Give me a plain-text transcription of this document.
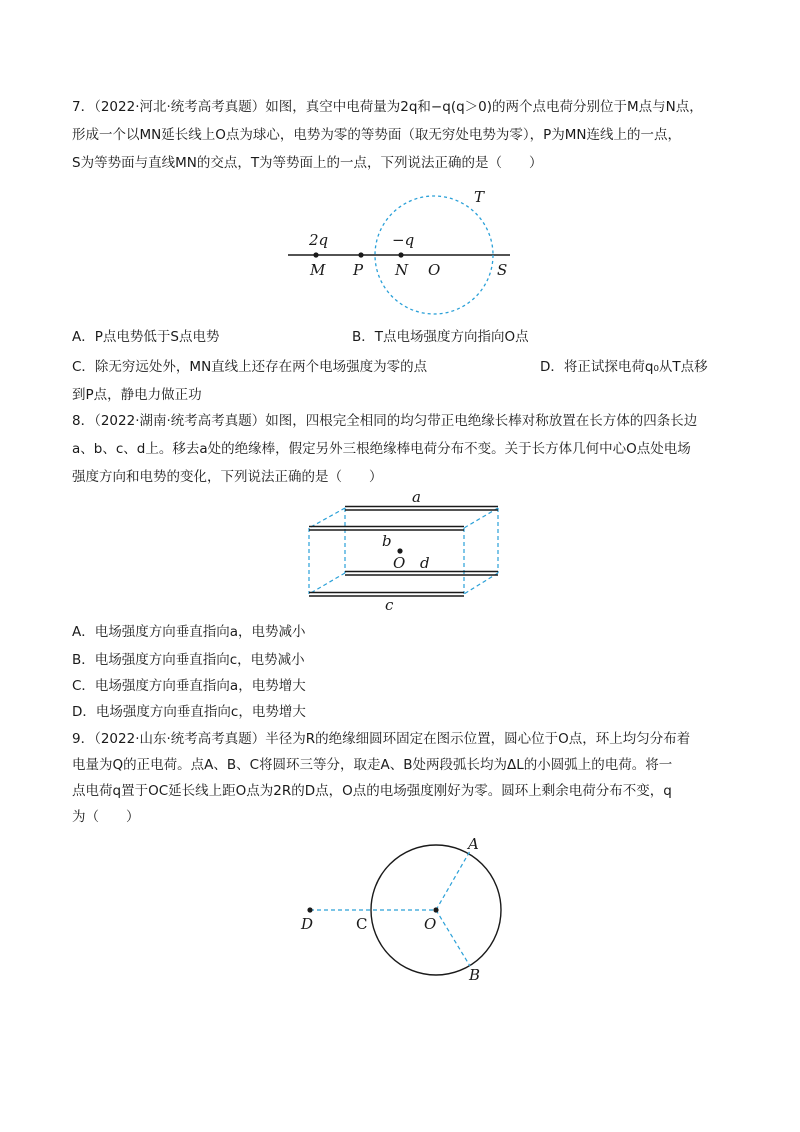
7．（2022·河北·统考高考真题）如图，真空中电荷量为2q和−q(q＞0)的两个点电荷分别位于M点与N点，
形成一个以MN延长线上O点为球心，电势为零的等势面（取无穷处电势为零），P为MN连线上的一点，
S为等势面与直线MN的交点，T为等势面上的一点，下列说法正确的是（　　）
T
2q	−q
M P N O	S
a
b
O d
c
A
B
C
D	O
A．P点电势低于S点电势	B．T点电场强度方向指向O点
C．除无穷远处外，MN直线上还存在两个电场强度为零的点	D．将正试探电荷q₀从T点移
到P点，静电力做正功
8．（2022·湖南·统考高考真题）如图，四根完全相同的均匀带正电绝缘长棒对称放置在长方体的四条长边
a、b、c、d上。移去a处的绝缘棒，假定另外三根绝缘棒电荷分布不变。关于长方体几何中心O点处电场
强度方向和电势的变化，下列说法正确的是（　　）
A．电场强度方向垂直指向a，电势减小
B．电场强度方向垂直指向c，电势减小
C．电场强度方向垂直指向a，电势增大
D．电场强度方向垂直指向c，电势增大
9．（2022·山东·统考高考真题）半径为R的绝缘细圆环固定在图示位置，圆心位于O点，环上均匀分布着
电量为Q的正电荷。点A、B、C将圆环三等分，取走A、B处两段弧长均为ΔL的小圆弧上的电荷。将一
点电荷q置于OC延长线上距O点为2R的D点，O点的电场强度刚好为零。圆环上剩余电荷分布不变，q
为（　　）
